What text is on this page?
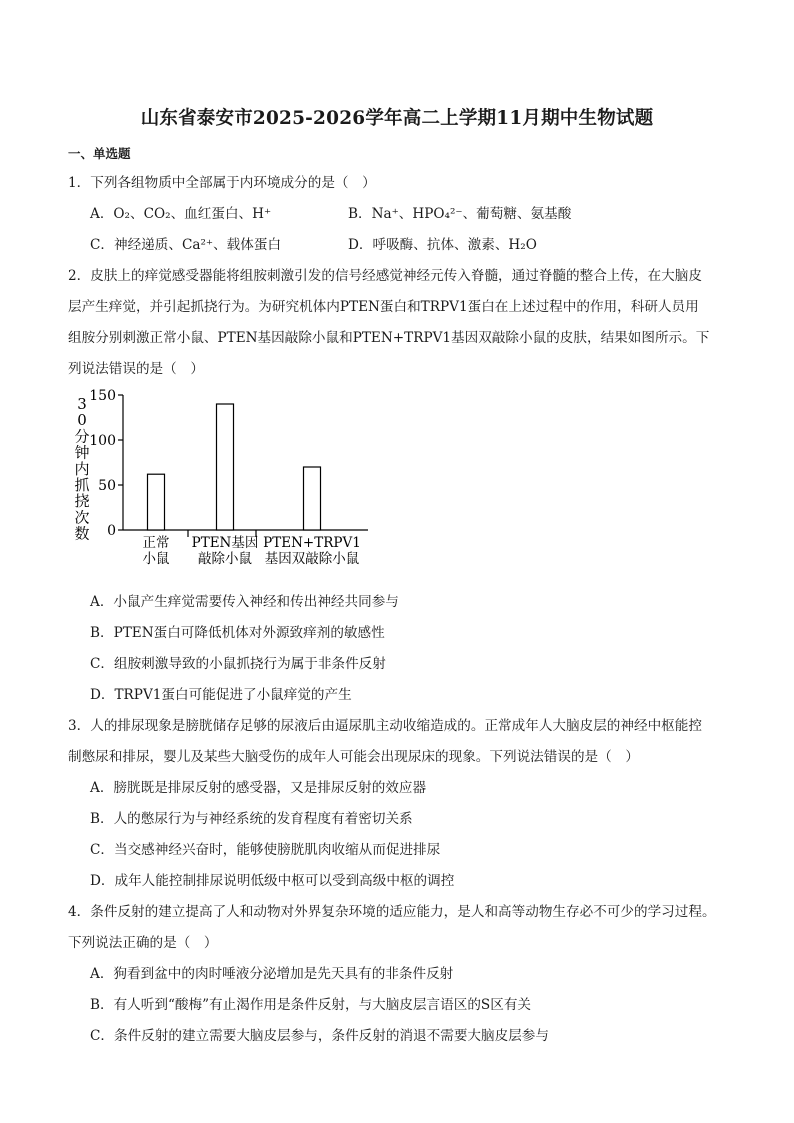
山东省泰安市2025-2026学年高二上学期11月期中生物试题
一、单选题

1．下列各组物质中全部属于内环境成分的是（　）

A．O₂、CO₂、血红蛋白、H⁺	B．Na⁺、HPO₄²⁻、葡萄糖、氨基酸
C．神经递质、Ca²⁺、载体蛋白	D．呼吸酶、抗体、激素、H₂O

2．皮肤上的痒觉感受器能将组胺刺激引发的信号经感觉神经元传入脊髓，通过脊髓的整合上传，在大脑皮

层产生痒觉，并引起抓挠行为。为研究机体内PTEN蛋白和TRPV1蛋白在上述过程中的作用，科研人员用

组胺分别刺激正常小鼠、PTEN基因敲除小鼠和PTEN+TRPV1基因双敲除小鼠的皮肤，结果如图所示。下

列说法错误的是（　）

0
50
100
150
3
0
分
钟
内
抓
挠
次
数
正常
小鼠
PTEN基因
敲除小鼠
PTEN+TRPV1
基因双敲除小鼠
A．小鼠产生痒觉需要传入神经和传出神经共同参与
B．PTEN蛋白可降低机体对外源致痒剂的敏感性
C．组胺刺激导致的小鼠抓挠行为属于非条件反射
D．TRPV1蛋白可能促进了小鼠痒觉的产生

3．人的排尿现象是膀胱储存足够的尿液后由逼尿肌主动收缩造成的。正常成年人大脑皮层的神经中枢能控

制憋尿和排尿，婴儿及某些大脑受伤的成年人可能会出现尿床的现象。下列说法错误的是（　）

A．膀胱既是排尿反射的感受器，又是排尿反射的效应器
B．人的憋尿行为与神经系统的发育程度有着密切关系
C．当交感神经兴奋时，能够使膀胱肌肉收缩从而促进排尿
D．成年人能控制排尿说明低级中枢可以受到高级中枢的调控

4．条件反射的建立提高了人和动物对外界复杂环境的适应能力，是人和高等动物生存必不可少的学习过程。

下列说法正确的是（　）

A．狗看到盆中的肉时唾液分泌增加是先天具有的非条件反射
B．有人听到“酸梅”有止渴作用是条件反射，与大脑皮层言语区的S区有关
C．条件反射的建立需要大脑皮层参与，条件反射的消退不需要大脑皮层参与
